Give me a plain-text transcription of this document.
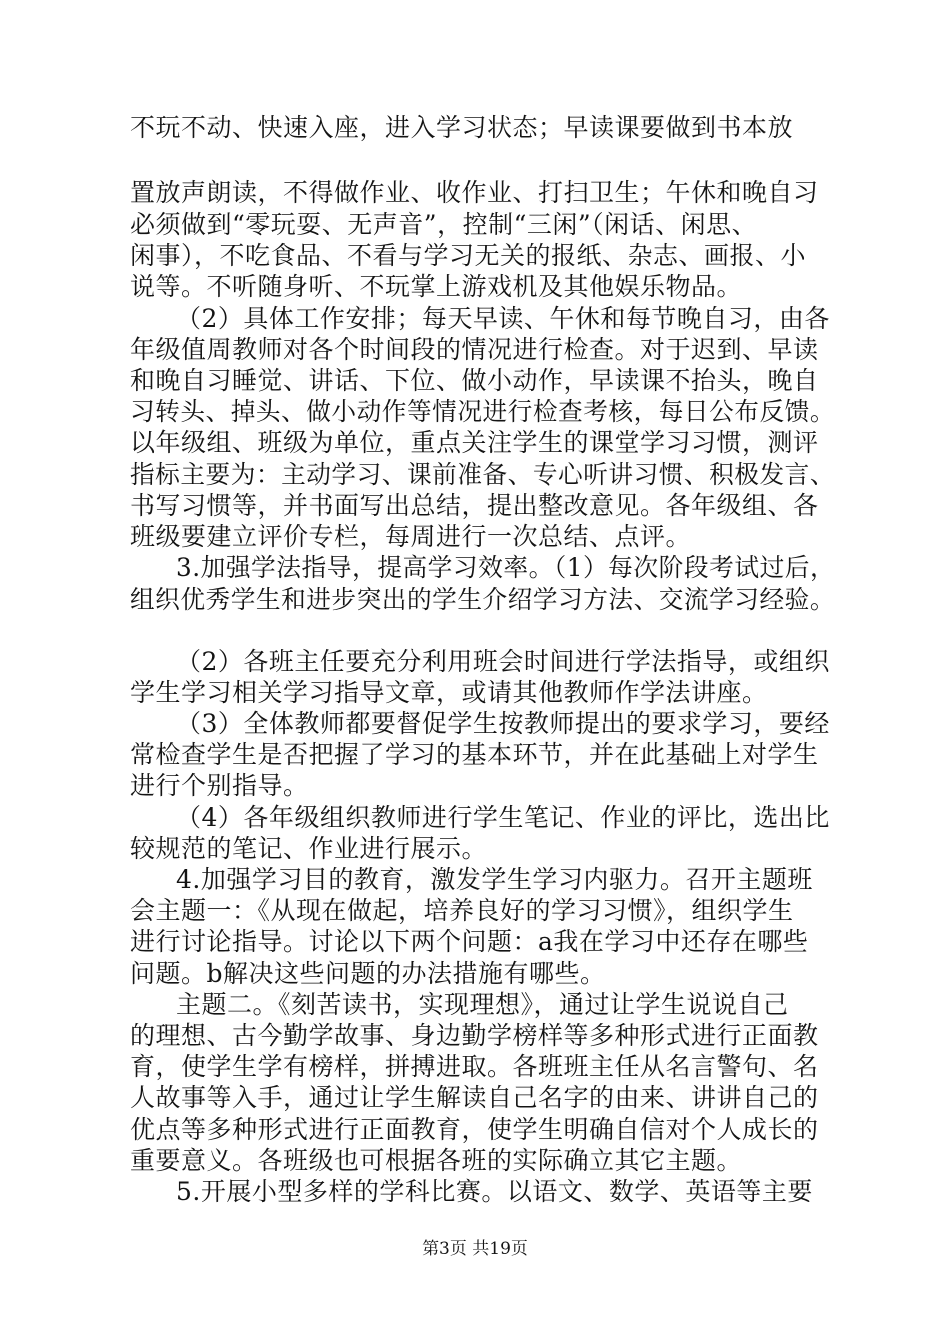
不玩不动、快速入座，进入学习状态；早读课要做到书本放
置放声朗读，不得做作业、收作业、打扫卫生；午休和晚自习
必须做到“零玩耍、无声音”，控制“三闲”（闲话、闲思、
闲事），不吃食品、不看与学习无关的报纸、杂志、画报、小
说等。不听随身听、不玩掌上游戏机及其他娱乐物品。
（2）具体工作安排；每天早读、午休和每节晚自习，由各
年级值周教师对各个时间段的情况进行检查。对于迟到、早读
和晚自习睡觉、讲话、下位、做小动作，早读课不抬头，晚自
习转头、掉头、做小动作等情况进行检查考核，每日公布反馈。
以年级组、班级为单位，重点关注学生的课堂学习习惯，测评
指标主要为：主动学习、课前准备、专心听讲习惯、积极发言、
书写习惯等，并书面写出总结，提出整改意见。各年级组、各
班级要建立评价专栏，每周进行一次总结、点评。
3.加强学法指导，提高学习效率。（1）每次阶段考试过后，
组织优秀学生和进步突出的学生介绍学习方法、交流学习经验。
（2）各班主任要充分利用班会时间进行学法指导，或组织
学生学习相关学习指导文章，或请其他教师作学法讲座。
（3）全体教师都要督促学生按教师提出的要求学习，要经
常检查学生是否把握了学习的基本环节，并在此基础上对学生
进行个别指导。
（4）各年级组织教师进行学生笔记、作业的评比，选出比
较规范的笔记、作业进行展示。
4.加强学习目的教育，激发学生学习内驱力。召开主题班
会主题一：《从现在做起，培养良好的学习习惯》，组织学生
进行讨论指导。讨论以下两个问题：a我在学习中还存在哪些
问题。b解决这些问题的办法措施有哪些。
主题二。《刻苦读书，实现理想》，通过让学生说说自己
的理想、古今勤学故事、身边勤学榜样等多种形式进行正面教
育，使学生学有榜样，拼搏进取。各班班主任从名言警句、名
人故事等入手，通过让学生解读自己名字的由来、讲讲自己的
优点等多种形式进行正面教育，使学生明确自信对个人成长的
重要意义。各班级也可根据各班的实际确立其它主题。
5.开展小型多样的学科比赛。以语文、数学、英语等主要
第3页 共19页
